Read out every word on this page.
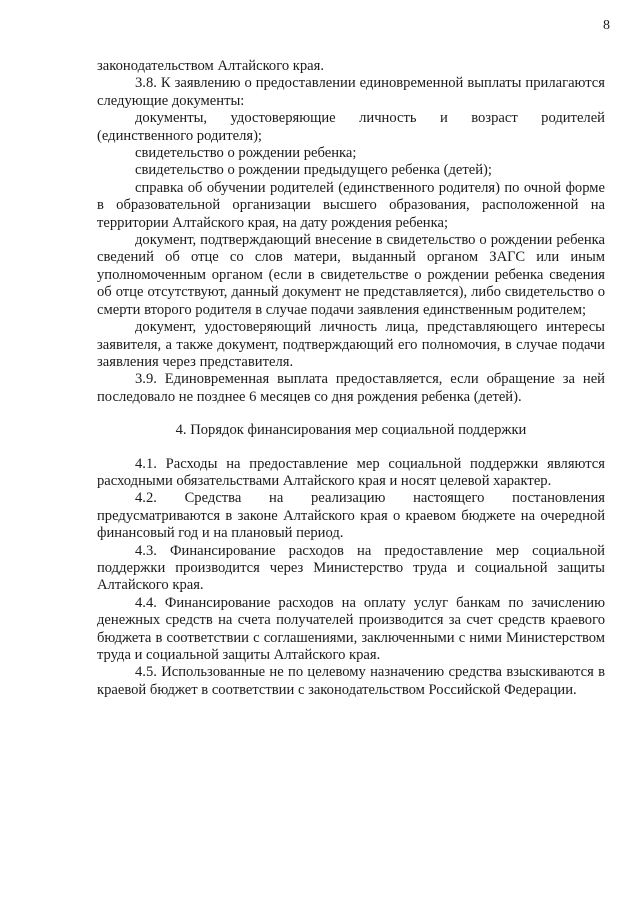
8

законодательством Алтайского края.

3.8. К заявлению о предоставлении единовременной выплаты прилагаются следующие документы:

документы, удостоверяющие личность и возраст родителей (единственного родителя);

свидетельство о рождении ребенка;

свидетельство о рождении предыдущего ребенка (детей);

справка об обучении родителей (единственного родителя) по очной форме в образовательной организации высшего образования, расположенной на территории Алтайского края, на дату рождения ребенка;

документ, подтверждающий внесение в свидетельство о рождении ребенка сведений об отце со слов матери, выданный органом ЗАГС или иным уполномоченным органом (если в свидетельстве о рождении ребенка сведения об отце отсутствуют, данный документ не представляется), либо свидетельство о смерти второго родителя в случае подачи заявления единственным родителем;

документ, удостоверяющий личность лица, представляющего интересы заявителя, а также документ, подтверждающий его полномочия, в случае подачи заявления через представителя.

3.9. Единовременная выплата предоставляется, если обращение за ней последовало не позднее 6 месяцев со дня рождения ребенка (детей).

4. Порядок финансирования мер социальной поддержки

4.1. Расходы на предоставление мер социальной поддержки являются расходными обязательствами Алтайского края и носят целевой характер.

4.2. Средства на реализацию настоящего постановления предусматриваются в законе Алтайского края о краевом бюджете на очередной финансовый год и на плановый период.

4.3. Финансирование расходов на предоставление мер социальной поддержки производится через Министерство труда и социальной защиты Алтайского края.

4.4. Финансирование расходов на оплату услуг банкам по зачислению денежных средств на счета получателей производится за счет средств краевого бюджета в соответствии с соглашениями, заключенными с ними Министерством труда и социальной защиты Алтайского края.

4.5. Использованные не по целевому назначению средства взыскиваются в краевой бюджет в соответствии с законодательством Российской Федерации.
